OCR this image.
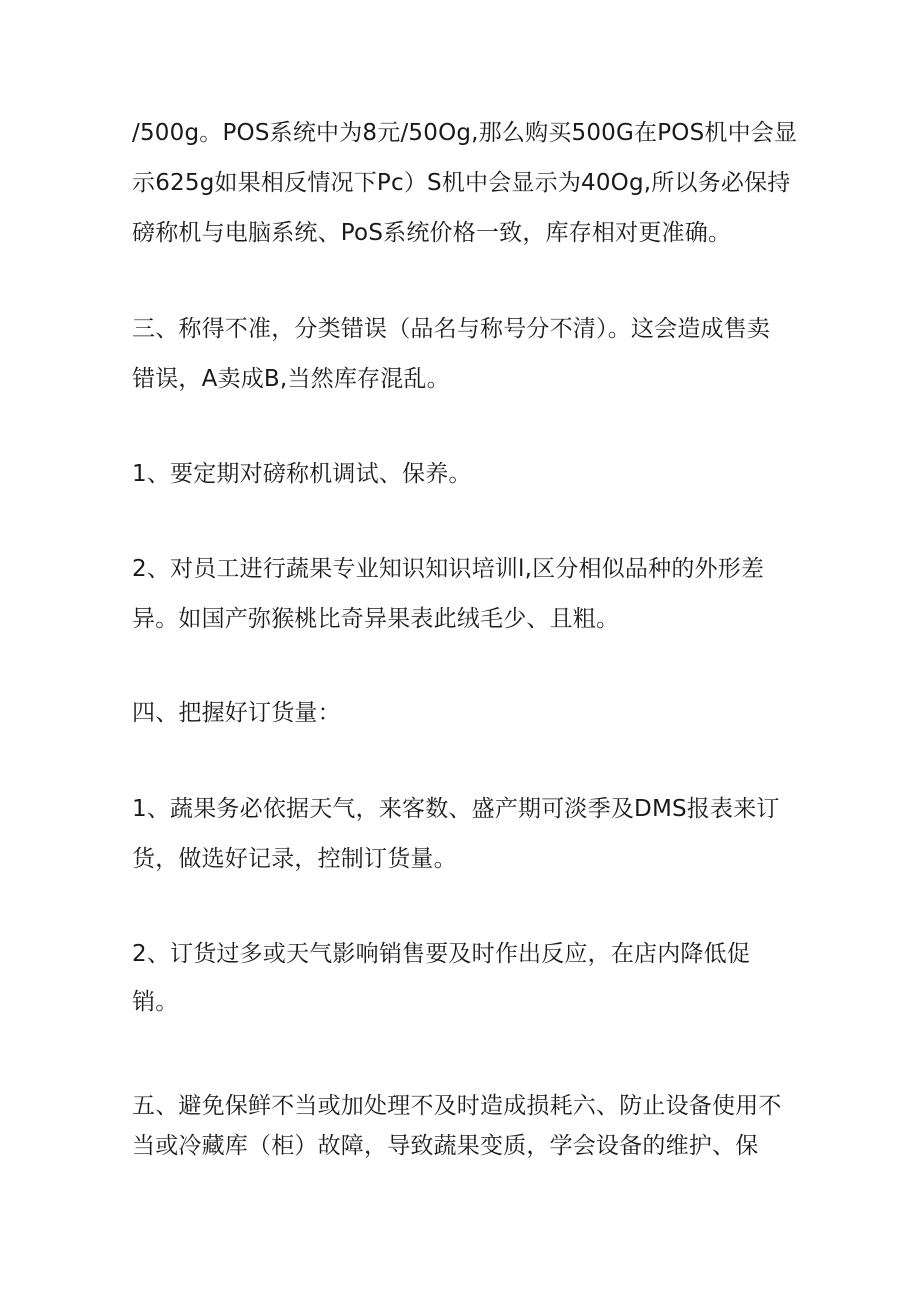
/500g。POS系统中为8元/50Og,那么购买500G在POS机中会显
示625g如果相反情况下Pc）S机中会显示为40Og,所以务必保持
磅称机与电脑系统、PoS系统价格一致，库存相对更准确。
三、称得不准，分类错误（品名与称号分不清）。这会造成售卖
错误，A卖成B,当然库存混乱。
1、要定期对磅称机调试、保养。
2、对员工进行蔬果专业知识知识培训l,区分相似品种的外形差
异。如国产弥猴桃比奇异果表此绒毛少、且粗。
四、把握好订货量：
1、蔬果务必依据天气，来客数、盛产期可淡季及DMS报表来订
货，做选好记录，控制订货量。
2、订货过多或天气影响销售要及时作出反应，在店内降低促
销。
五、避免保鲜不当或加处理不及时造成损耗六、防止设备使用不
当或冷藏库（柜）故障，导致蔬果变质，学会设备的维护、保
